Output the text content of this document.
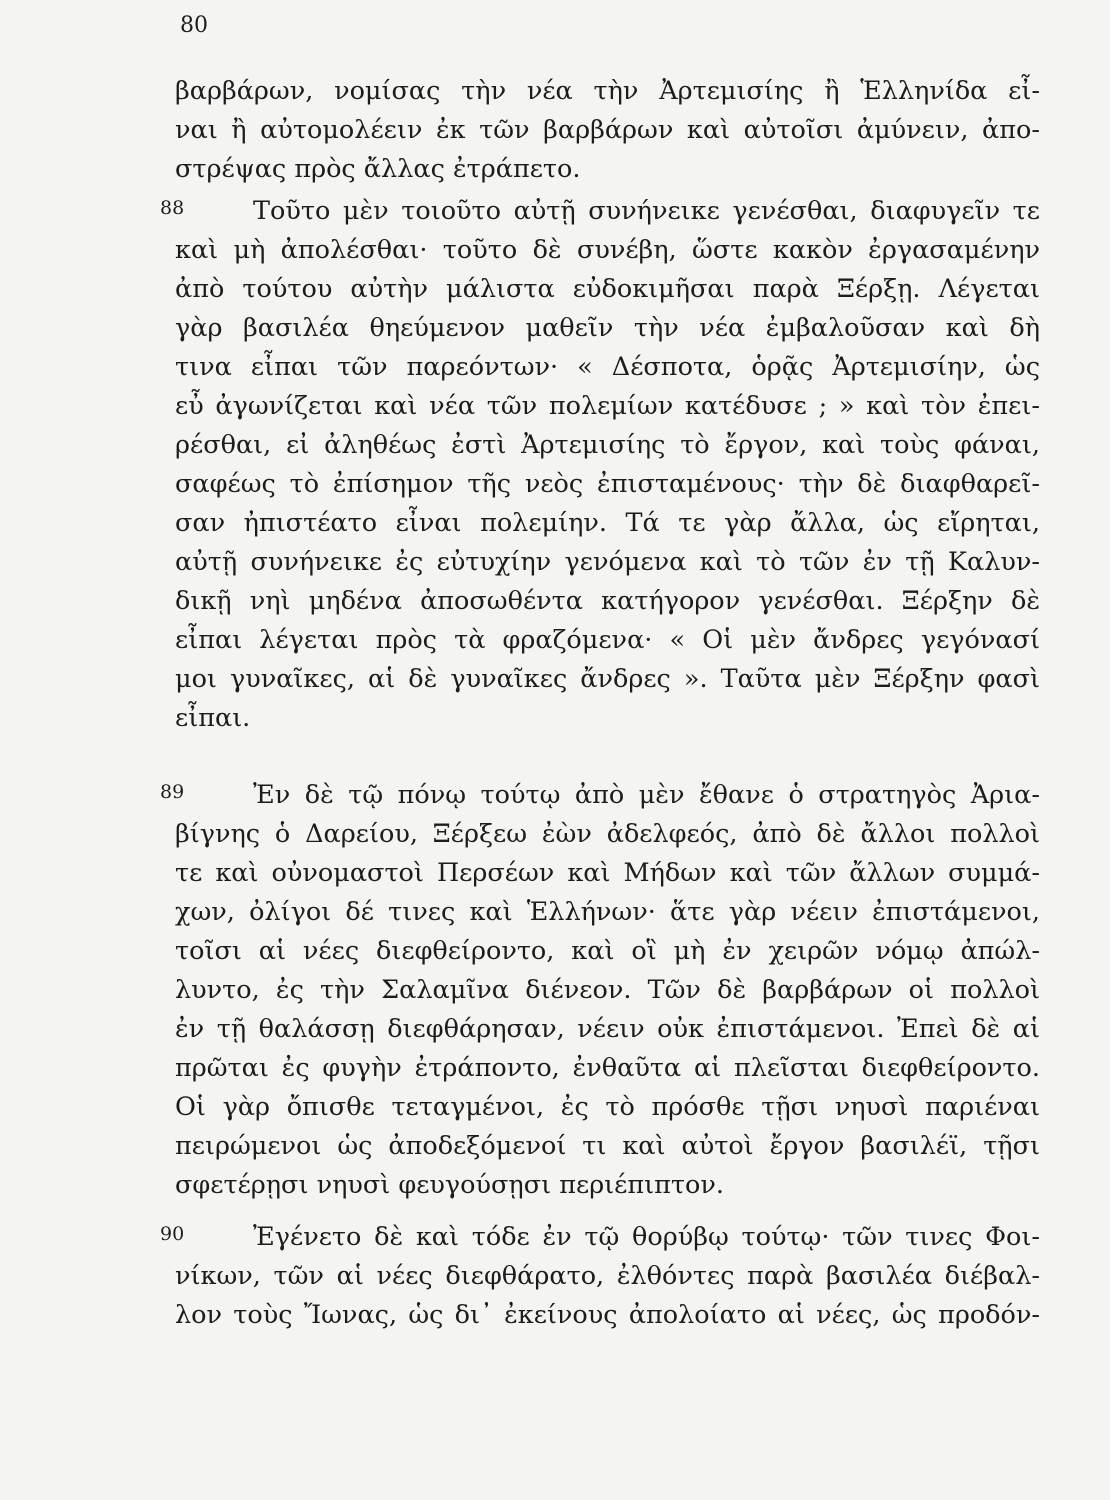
80
βαρβάρων, νομίσας τὴν νέα τὴν Ἀρτεμισίης ἢ Ἑλληνίδα εἶ-
ναι ἢ αὐτομολέειν ἐκ τῶν βαρβάρων καὶ αὐτοῖσι ἀμύνειν, ἀπο-
στρέψας πρὸς ἄλλας ἐτράπετο.
88	Τοῦτο μὲν τοιοῦτο αὐτῇ συνήνεικε γενέσθαι, διαφυγεῖν τε
καὶ μὴ ἀπολέσθαι· τοῦτο δὲ συνέβη, ὥστε κακὸν ἐργασαμένην
ἀπὸ τούτου αὐτὴν μάλιστα εὐδοκιμῆσαι παρὰ Ξέρξῃ. Λέγεται
γὰρ βασιλέα θηεύμενον μαθεῖν τὴν νέα ἐμβαλοῦσαν καὶ δὴ
τινα εἶπαι τῶν παρεόντων· « Δέσποτα, ὁρᾷς Ἀρτεμισίην, ὡς
εὖ ἀγωνίζεται καὶ νέα τῶν πολεμίων κατέδυσε ; » καὶ τὸν ἐπει-
ρέσθαι, εἰ ἀληθέως ἐστὶ Ἀρτεμισίης τὸ ἔργον, καὶ τοὺς φάναι,
σαφέως τὸ ἐπίσημον τῆς νεὸς ἐπισταμένους· τὴν δὲ διαφθαρεῖ-
σαν ἠπιστέατο εἶναι πολεμίην. Τά τε γὰρ ἄλλα, ὡς εἴρηται,
αὐτῇ συνήνεικε ἐς εὐτυχίην γενόμενα καὶ τὸ τῶν ἐν τῇ Καλυν-
δικῇ νηὶ μηδένα ἀποσωθέντα κατήγορον γενέσθαι. Ξέρξην δὲ
εἶπαι λέγεται πρὸς τὰ φραζόμενα· « Οἱ μὲν ἄνδρες γεγόνασί
μοι γυναῖκες, αἱ δὲ γυναῖκες ἄνδρες ». Ταῦτα μὲν Ξέρξην φασὶ
εἶπαι.
89	Ἐν δὲ τῷ πόνῳ τούτῳ ἀπὸ μὲν ἔθανε ὁ στρατηγὸς Ἀρια-
βίγνης ὁ Δαρείου, Ξέρξεω ἐὼν ἀδελφεός, ἀπὸ δὲ ἄλλοι πολλοὶ
τε καὶ οὐνομαστοὶ Περσέων καὶ Μήδων καὶ τῶν ἄλλων συμμά-
χων, ὀλίγοι δέ τινες καὶ Ἑλλήνων· ἅτε γὰρ νέειν ἐπιστάμενοι,
τοῖσι αἱ νέες διεφθείροντο, καὶ οἳ μὴ ἐν χειρῶν νόμῳ ἀπώλ-
λυντο, ἐς τὴν Σαλαμῖνα διένεον. Τῶν δὲ βαρβάρων οἱ πολλοὶ
ἐν τῇ θαλάσσῃ διεφθάρησαν, νέειν οὐκ ἐπιστάμενοι. Ἐπεὶ δὲ αἱ
πρῶται ἐς φυγὴν ἐτράποντο, ἐνθαῦτα αἱ πλεῖσται διεφθείροντο.
Οἱ γὰρ ὄπισθε τεταγμένοι, ἐς τὸ πρόσθε τῇσι νηυσὶ παριέναι
πειρώμενοι ὡς ἀποδεξόμενοί τι καὶ αὐτοὶ ἔργον βασιλέϊ, τῇσι
σφετέρῃσι νηυσὶ φευγούσῃσι περιέπιπτον.
90	Ἐγένετο δὲ καὶ τόδε ἐν τῷ θορύβῳ τούτῳ· τῶν τινες Φοι-
νίκων, τῶν αἱ νέες διεφθάρατο, ἐλθόντες παρὰ βασιλέα διέβαλ-
λον τοὺς Ἴωνας, ὡς δι᾽ ἐκείνους ἀπολοίατο αἱ νέες, ὡς προδόν-
